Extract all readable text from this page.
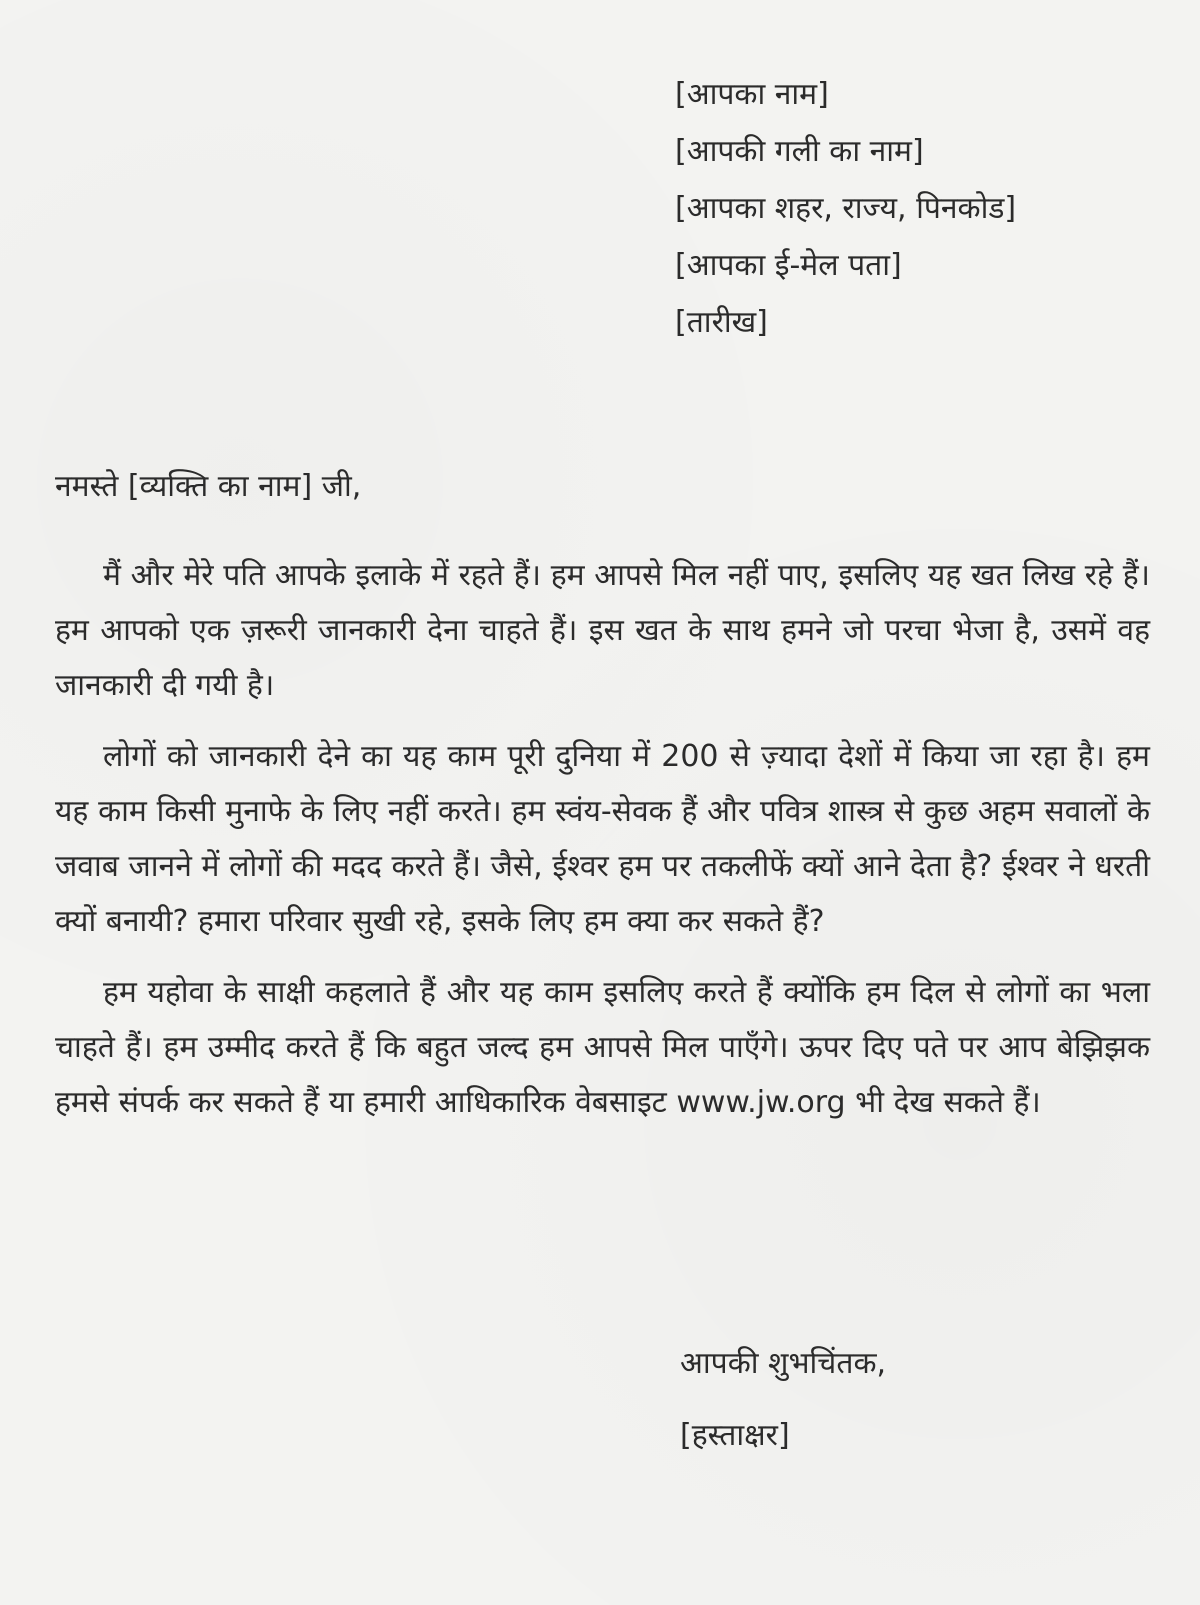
[आपका नाम]
[आपकी गली का नाम]
[आपका शहर, राज्य, पिनकोड]
[आपका ई-मेल पता]
[तारीख]
नमस्ते [व्यक्ति का नाम] जी,

मैं और मेरे पति आपके इलाके में रहते हैं। हम आपसे मिल नहीं पाए, इसलिए यह खत लिख रहे हैं। हम आपको एक ज़रूरी जानकारी देना चाहते हैं। इस खत के साथ हमने जो परचा भेजा है, उसमें वह जानकारी दी गयी है।

लोगों को जानकारी देने का यह काम पूरी दुनिया में 200 से ज़्यादा देशों में किया जा रहा है। हम यह काम किसी मुनाफे के लिए नहीं करते। हम स्वंय-सेवक हैं और पवित्र शास्त्र से कुछ अहम सवालों के जवाब जानने में लोगों की मदद करते हैं। जैसे, ईश्वर हम पर तकलीफें क्यों आने देता है? ईश्वर ने धरती क्यों बनायी? हमारा परिवार सुखी रहे, इसके लिए हम क्या कर सकते हैं?

हम यहोवा के साक्षी कहलाते हैं और यह काम इसलिए करते हैं क्योंकि हम दिल से लोगों का भला चाहते हैं। हम उम्मीद करते हैं कि बहुत जल्द हम आपसे मिल पाएँगे। ऊपर दिए पते पर आप बेझिझक हमसे संपर्क कर सकते हैं या हमारी आधिकारिक वेबसाइट www.jw.org भी देख सकते हैं।

आपकी शुभचिंतक,
[हस्ताक्षर]
